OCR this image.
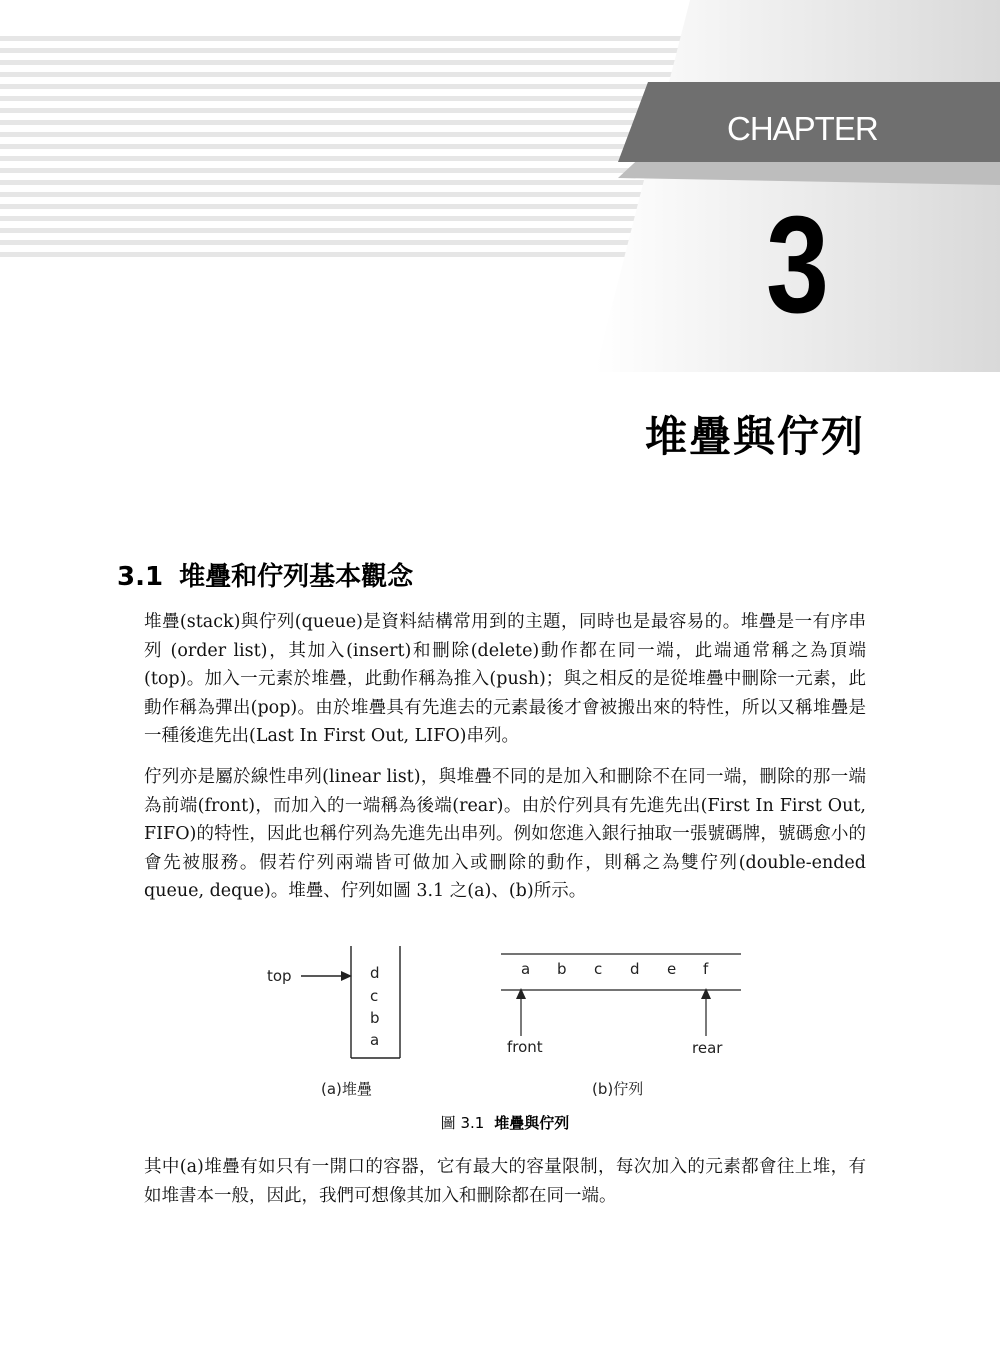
CHAPTER
3
堆疊與佇列
3.1 堆疊和佇列基本觀念

堆疊(stack)與佇列(queue)是資料結構常用到的主題，同時也是最容易的。堆疊是一有序串列 (order list)，其加入(insert)和刪除(delete)動作都在同一端，此端通常稱之為頂端 (top)。加入一元素於堆疊，此動作稱為推入(push)；與之相反的是從堆疊中刪除一元素，此動作稱為彈出(pop)。由於堆疊具有先進去的元素最後才會被搬出來的特性，所以又稱堆疊是一種後進先出(Last In First Out, LIFO)串列。

佇列亦是屬於線性串列(linear list)，與堆疊不同的是加入和刪除不在同一端，刪除的那一端為前端(front)，而加入的一端稱為後端(rear)。由於佇列具有先進先出(First In First Out, FIFO)的特性，因此也稱佇列為先進先出串列。例如您進入銀行抽取一張號碼牌，號碼愈小的會先被服務。假若佇列兩端皆可做加入或刪除的動作，則稱之為雙佇列(double-ended queue, deque)。堆疊、佇列如圖 3.1 之(a)、(b)所示。

top	d
c
b
a
a b c d e f
front	rear
(a)堆疊	(b)佇列
圖 3.1 堆疊與佇列

其中(a)堆疊有如只有一開口的容器，它有最大的容量限制，每次加入的元素都會往上堆，有如堆書本一般，因此，我們可想像其加入和刪除都在同一端。
